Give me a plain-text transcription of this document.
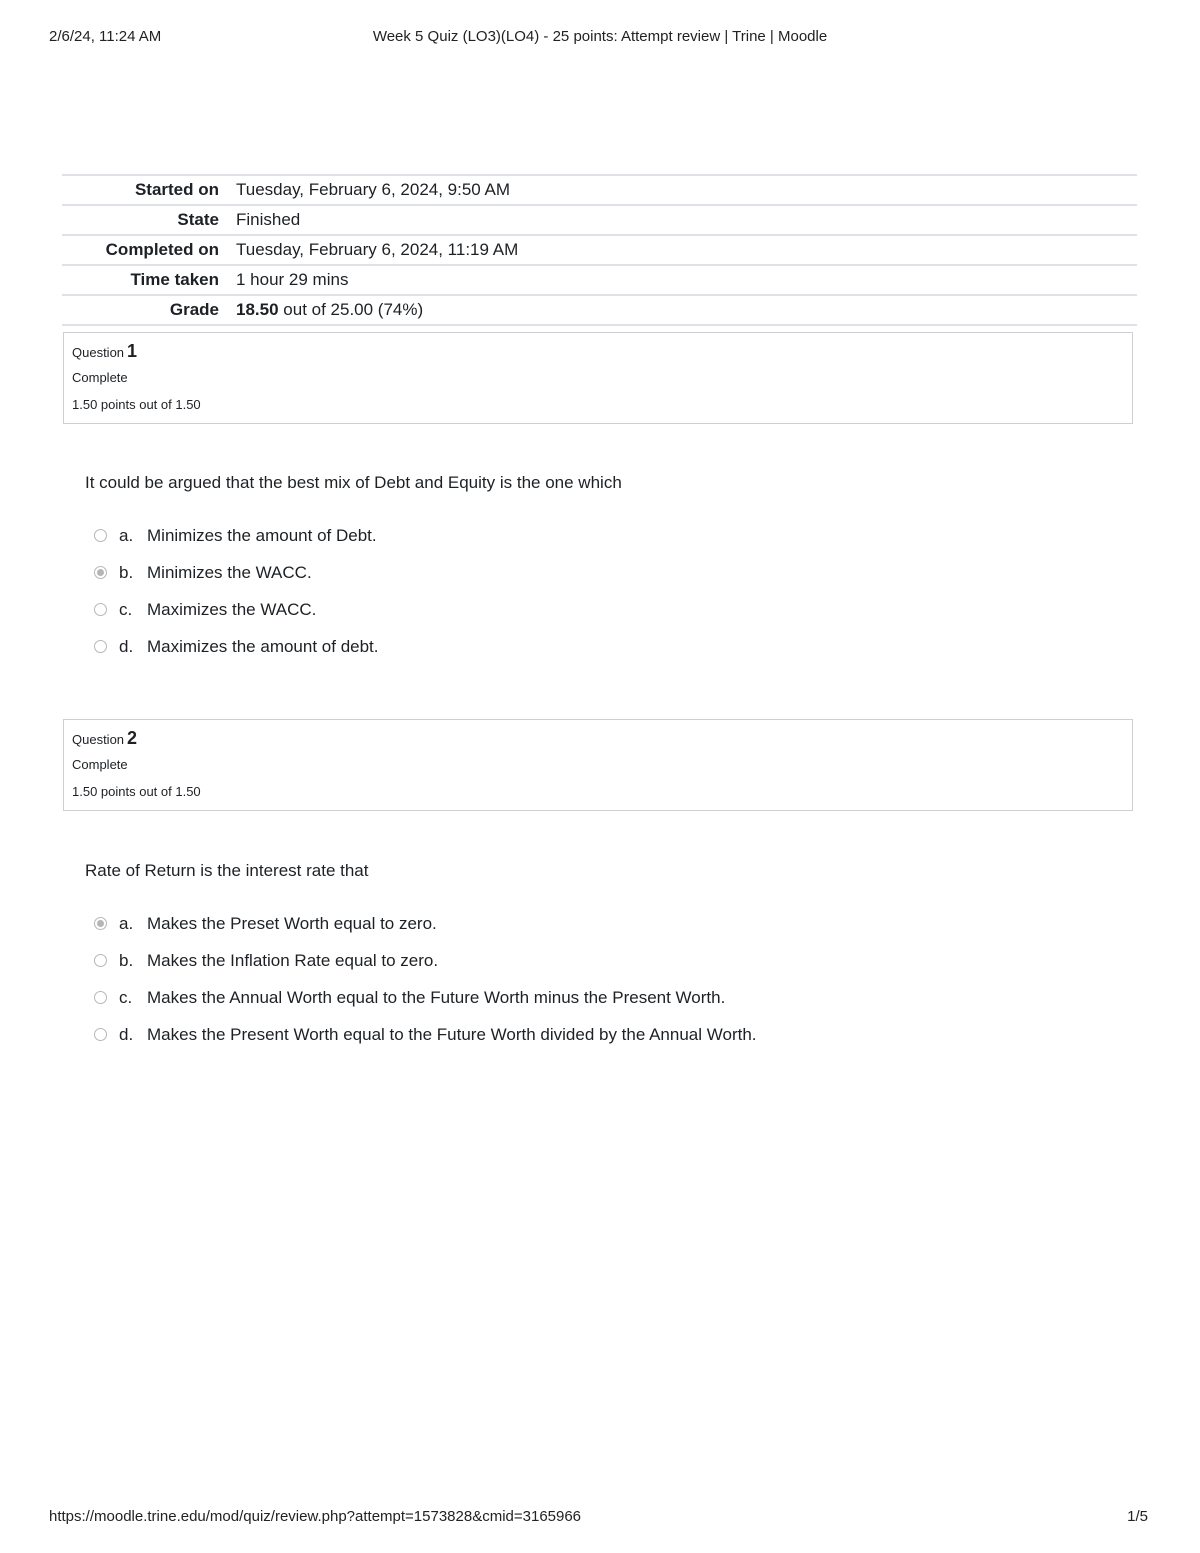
2/6/24, 11:24 AM	Week 5 Quiz (LO3)(LO4) - 25 points: Attempt review | Trine | Moodle
Started on	Tuesday, February 6, 2024, 9:50 AM
State	Finished
Completed on	Tuesday, February 6, 2024, 11:19 AM
Time taken	1 hour 29 mins
Grade	18.50 out of 25.00 (74%)
Question 1
Complete
1.50 points out of 1.50
It could be argued that the best mix of Debt and Equity is the one which
a. Minimizes the amount of Debt.
b. Minimizes the WACC.
c. Maximizes the WACC.
d. Maximizes the amount of debt.
Question 2
Complete
1.50 points out of 1.50
Rate of Return is the interest rate that
a. Makes the Preset Worth equal to zero.
b. Makes the Inflation Rate equal to zero.
c. Makes the Annual Worth equal to the Future Worth minus the Present Worth.
d. Makes the Present Worth equal to the Future Worth divided by the Annual Worth.
https://moodle.trine.edu/mod/quiz/review.php?attempt=1573828&cmid=3165966	1/5
